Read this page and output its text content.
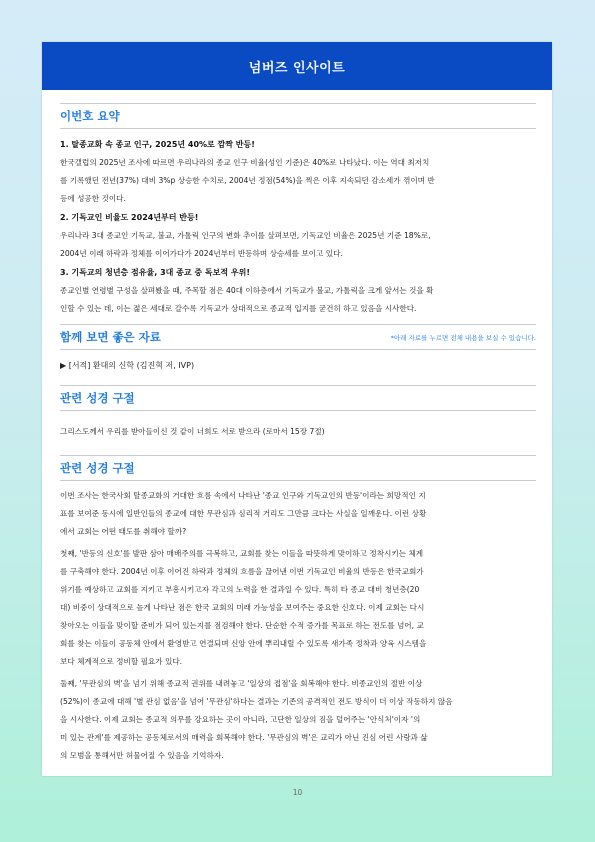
넘버즈 인사이트
이번호 요약

1. 탈종교화 속 종교 인구, 2025년 40%로 깜짝 반등!

한국갤럽의 2025년 조사에 따르면 우리나라의 종교 인구 비율(성인 기준)은 40%로 나타났다. 이는 역대 최저치

를 기록했던 전년(37%) 대비 3%p 상승한 수치로, 2004년 정점(54%)을 찍은 이후 지속되던 감소세가 꺾이며 반

등에 성공한 것이다.

2. 기독교인 비율도 2024년부터 반등!

우리나라 3대 종교인 기독교, 불교, 가톨릭 인구의 변화 추이를 살펴보면, 기독교인 비율은 2025년 기준 18%로,

2004년 이래 하락과 정체를 이어가다가 2024년부터 반등하며 상승세를 보이고 있다.

3. 기독교의 청년층 점유율, 3대 종교 중 독보적 우위!

종교인별 연령별 구성을 살펴봤을 때, 주목할 점은 40대 이하층에서 기독교가 불교, 가톨릭을 크게 앞서는 것을 확

인할 수 있는 데, 이는 젊은 세대로 갈수록 기독교가 상대적으로 종교적 입지를 굳건히 하고 있음을 시사한다.

함께 보면 좋은 자료	*아래 자료를 누르면 전체 내용을 보실 수 있습니다.
▶ [서적] 환대의 신학 (김진혁 저, IVP)
관련 성경 구절

그리스도께서 우리를 받아들이신 것 같이 너희도 서로 받으라 (로마서 15장 7절)

관련 성경 구절

이번 조사는 한국사회 탈종교화의 거대한 흐름 속에서 나타난 '종교 인구와 기독교인의 반등'이라는 희망적인 지

표를 보여준 동시에 일반인들의 종교에 대한 무관심과 심리적 거리도 그만큼 크다는 사실을 일깨운다. 이런 상황

에서 교회는 어떤 태도를 취해야 할까?

첫째, '반등의 신호'를 발판 삼아 매배주의를 극복하고, 교회를 찾는 이들을 따뜻하게 맞이하고 정착시키는 체계

를 구축해야 한다. 2004년 이후 이어진 하락과 정체의 흐름을 끊어낸 이번 기독교인 비율의 반등은 한국교회가

위기를 예상하고 교회를 지키고 부흥시키고자 각고의 노력을 한 결과일 수 있다. 특히 타 종교 대비 청년층(20

대) 비중이 상대적으로 높게 나타난 점은 한국 교회의 미래 가능성을 보여주는 중요한 신호다. 이제 교회는 다시

찾아오는 이들을 맞이할 준비가 되어 있는지를 점검해야 한다. 단순한 수적 증가를 목표로 하는 전도를 넘어, 교

회를 찾는 이들이 공동체 안에서 환영받고 연결되며 신앙 안에 뿌리내릴 수 있도록 새가족 정착과 양육 시스템을

보다 체계적으로 정비할 필요가 있다.

둘째, '무관심의 벽'을 넘기 위해 종교적 권위를 내려놓고 '일상의 접점'을 회복해야 한다. 비종교인의 절반 이상

(52%)이 종교에 대해 '별 관심 없음'을 넘어 '무관심'하다는 결과는 기존의 공격적인 전도 방식이 더 이상 작동하지 않음

을 시사한다. 이제 교회는 종교적 의무를 강요하는 곳이 아니라, 고단한 일상의 짐을 덜어주는 '안식처'이자 '의

미 있는 관계'를 제공하는 공동체로서의 매력을 회복해야 한다. '무관심의 벽'은 교리가 아닌 진심 어린 사랑과 삶

의 모범을 통해서만 허물어질 수 있음을 기억하자.

10
